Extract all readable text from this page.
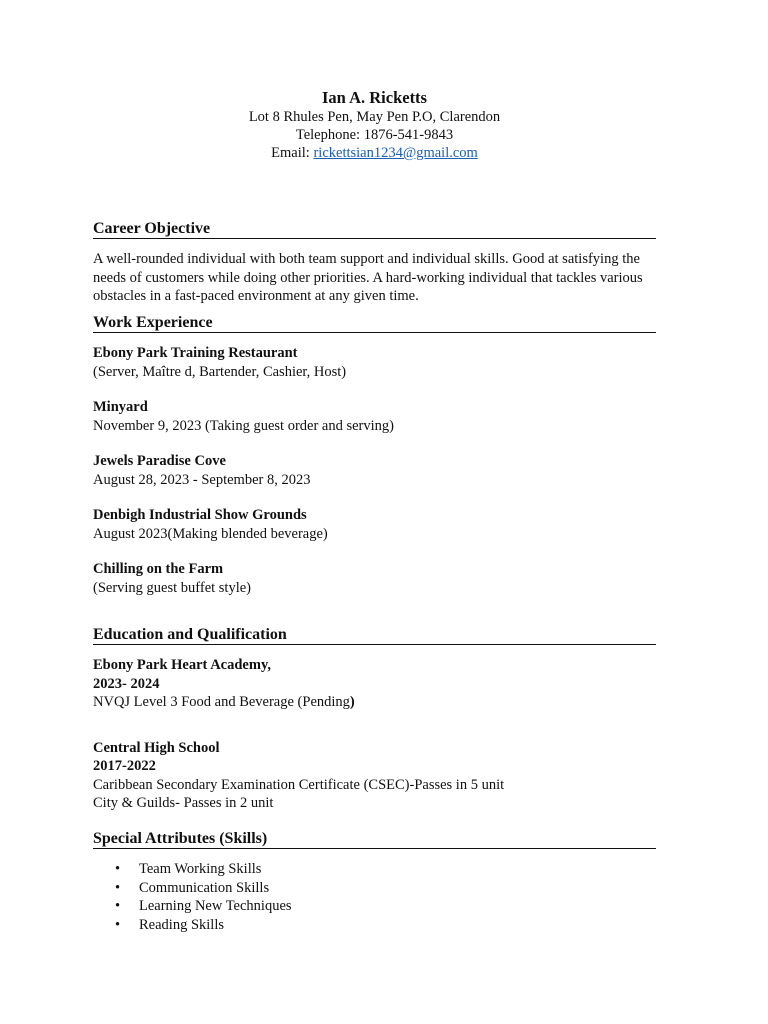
Ian A. Ricketts

Lot 8 Rhules Pen, May Pen P.O, Clarendon

Telephone: 1876-541-9843

Email: rickettsian1234@gmail.com

Career Objective

A well-rounded individual with both team support and individual skills. Good at satisfying the needs of customers while doing other priorities. A hard-working individual that tackles various obstacles in a fast-paced environment at any given time.

Work Experience

Ebony Park Training Restaurant

(Server, Maître d, Bartender, Cashier, Host)

Minyard

November 9, 2023 (Taking guest order and serving)

Jewels Paradise Cove

August 28, 2023 - September 8, 2023

Denbigh Industrial Show Grounds

August 2023(Making blended beverage)

Chilling on the Farm

(Serving guest buffet style)

Education and Qualification

Ebony Park Heart Academy,

2023- 2024

NVQJ Level 3 Food and Beverage (Pending)

Central High School

2017-2022

Caribbean Secondary Examination Certificate (CSEC)-Passes in 5 unit

City & Guilds- Passes in 2 unit

Special Attributes (Skills)
• Team Working Skills
• Communication Skills
• Learning New Techniques
• Reading Skills
